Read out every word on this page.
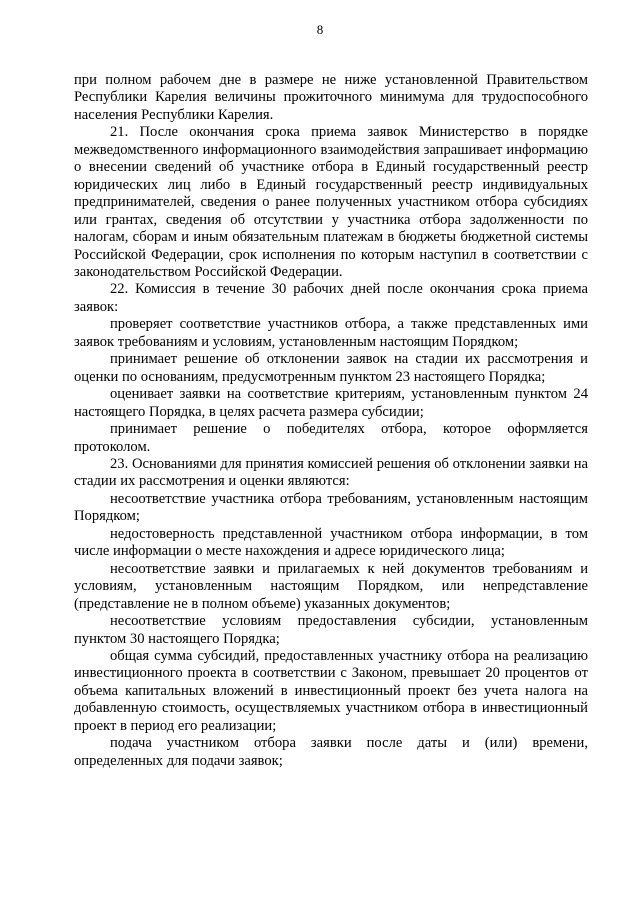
8

при полном рабочем дне в размере не ниже установленной Правительством Республики Карелия величины прожиточного минимума для трудоспособного населения Республики Карелия.

21. После окончания срока приема заявок Министерство в порядке межведомственного информационного взаимодействия запрашивает информацию о внесении сведений об участнике отбора в Единый государственный реестр юридических лиц либо в Единый государственный реестр индивидуальных предпринимателей, сведения о ранее полученных участником отбора субсидиях или грантах, сведения об отсутствии у участника отбора задолженности по налогам, сборам и иным обязательным платежам в бюджеты бюджетной системы Российской Федерации, срок исполнения по которым наступил в соответствии с законодательством Российской Федерации.

22. Комиссия в течение 30 рабочих дней после окончания срока приема заявок:

проверяет соответствие участников отбора, а также представленных ими заявок требованиям и условиям, установленным настоящим Порядком;

принимает решение об отклонении заявок на стадии их рассмотрения и оценки по основаниям, предусмотренным пунктом 23 настоящего Порядка;

оценивает заявки на соответствие критериям, установленным пунктом 24 настоящего Порядка, в целях расчета размера субсидии;

принимает решение о победителях отбора, которое оформляется протоколом.

23. Основаниями для принятия комиссией решения об отклонении заявки на стадии их рассмотрения и оценки являются:

несоответствие участника отбора требованиям, установленным настоящим Порядком;

недостоверность представленной участником отбора информации, в том числе информации о месте нахождения и адресе юридического лица;

несоответствие заявки и прилагаемых к ней документов требованиям и условиям, установленным настоящим Порядком, или непредставление (представление не в полном объеме) указанных документов;

несоответствие условиям предоставления субсидии, установленным пунктом 30 настоящего Порядка;

общая сумма субсидий, предоставленных участнику отбора на реализацию инвестиционного проекта в соответствии с Законом, превышает 20 процентов от объема капитальных вложений в инвестиционный проект без учета налога на добавленную стоимость, осуществляемых участником отбора в инвестиционный проект в период его реализации;

подача участником отбора заявки после даты и (или) времени, определенных для подачи заявок;
